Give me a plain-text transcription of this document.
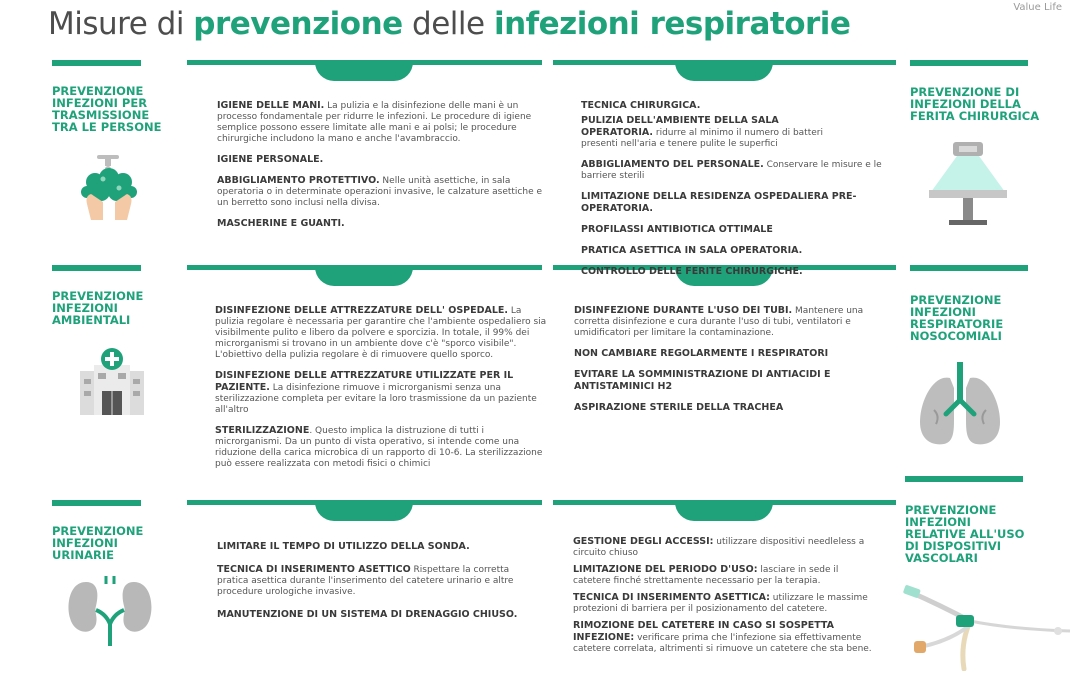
Misure di prevenzione delle infezioni respiratorie	Value Life
PREVENZIONE
INFEZIONI PER
TRASMISSIONE
TRA LE PERSONE
PREVENZIONE
INFEZIONI
AMBIENTALI
PREVENZIONE
INFEZIONI
URINARIE
PREVENZIONE DI
INFEZIONI DELLA
FERITA CHIRURGICA
PREVENZIONE
INFEZIONI
RESPIRATORIE
NOSOCOMIALI
PREVENZIONE
INFEZIONI
RELATIVE ALL'USO
DI DISPOSITIVI
VASCOLARI
IGIENE DELLE MANI. La pulizia e la disinfezione delle mani è un processo fondamentale per ridurre le infezioni. Le procedure di igiene semplice possono essere limitate alle mani e ai polsi; le procedure chirurgiche includono la mano e anche l'avambraccio.
IGIENE PERSONALE.
ABBIGLIAMENTO PROTETTIVO. Nelle unità asettiche, in sala operatoria o in determinate operazioni invasive, le calzature asettiche e un berretto sono inclusi nella divisa.
MASCHERINE E GUANTI.
TECNICA CHIRURGICA.
PULIZIA DELL'AMBIENTE DELLA SALA OPERATORIA. ridurre al minimo il numero di batteri presenti nell'aria e tenere pulite le superfici
ABBIGLIAMENTO DEL PERSONALE. Conservare le misure e le barriere sterili
LIMITAZIONE DELLA RESIDENZA OSPEDALIERA PRE-OPERATORIA.
PROFILASSI ANTIBIOTICA OTTIMALE
PRATICA ASETTICA IN SALA OPERATORIA.
CONTROLLO DELLE FERITE CHIRURGICHE.
DISINFEZIONE DELLE ATTREZZATURE DELL' OSPEDALE. La pulizia regolare è necessaria per garantire che l'ambiente ospedaliero sia visibilmente pulito e libero da polvere e sporcizia. In totale, il 99% dei microrganismi si trovano in un ambiente dove c'è "sporco visibile". L'obiettivo della pulizia regolare è di rimuovere quello sporco.
DISINFEZIONE DELLE ATTREZZATURE UTILIZZATE PER IL PAZIENTE. La disinfezione rimuove i microrganismi senza una sterilizzazione completa per evitare la loro trasmissione da un paziente all'altro
STERILIZZAZIONE. Questo implica la distruzione di tutti i microrganismi. Da un punto di vista operativo, si intende come una riduzione della carica microbica di un rapporto di 10-6. La sterilizzazione può essere realizzata con metodi fisici o chimici
DISINFEZIONE DURANTE L'USO DEI TUBI. Mantenere una corretta disinfezione e cura durante l'uso di tubi, ventilatori e umidificatori per limitare la contaminazione.
NON CAMBIARE REGOLARMENTE I RESPIRATORI
EVITARE LA SOMMINISTRAZIONE DI ANTIACIDI E ANTISTAMINICI H2
ASPIRAZIONE STERILE DELLA TRACHEA
LIMITARE IL TEMPO DI UTILIZZO DELLA SONDA.
TECNICA DI INSERIMENTO ASETTICO Rispettare la corretta pratica asettica durante l'inserimento del catetere urinario e altre procedure urologiche invasive.
MANUTENZIONE DI UN SISTEMA DI DRENAGGIO CHIUSO.
GESTIONE DEGLI ACCESSI: utilizzare dispositivi needleless a circuito chiuso
LIMITAZIONE DEL PERIODO D'USO: lasciare in sede il catetere finché strettamente necessario per la terapia.
TECNICA DI INSERIMENTO ASETTICA: utilizzare le massime protezioni di barriera per il posizionamento del catetere.
RIMOZIONE DEL CATETERE IN CASO SI SOSPETTA INFEZIONE: verificare prima che l'infezione sia effettivamente catetere correlata, altrimenti si rimuove un catetere che sta bene.
